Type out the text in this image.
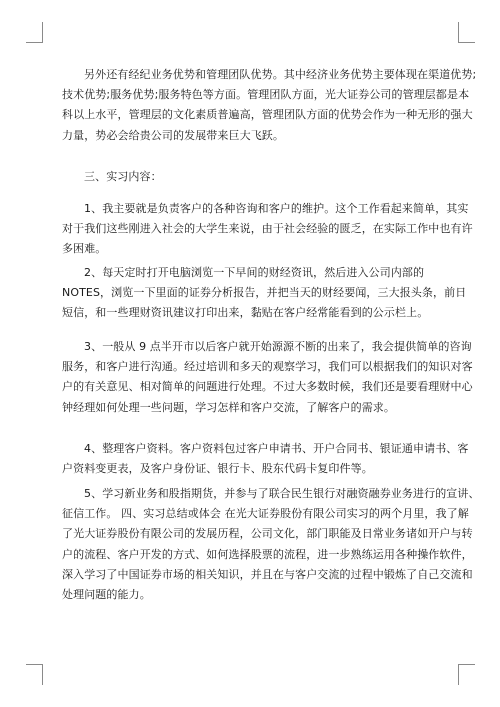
另外还有经纪业务优势和管理团队优势。其中经济业务优势主要体现在渠道优势;
技术优势;服务优势;服务特色等方面。管理团队方面，光大证券公司的管理层都是本
科以上水平，管理层的文化素质普遍高，管理团队方面的优势会作为一种无形的强大
力量，势必会给贵公司的发展带来巨大飞跃。

三、实习内容：

1、我主要就是负责客户的各种咨询和客户的维护。这个工作看起来简单，其实
对于我们这些刚进入社会的大学生来说，由于社会经验的匮乏，在实际工作中也有许
多困难。

2、每天定时打开电脑浏览一下早间的财经资讯，然后进入公司内部的
NOTES，浏览一下里面的证券分析报告，并把当天的财经要闻，三大报头条，前日
短信，和一些理财资讯建议打印出来，黏贴在客户经常能看到的公示栏上。

3、一般从 9 点半开市以后客户就开始源源不断的出来了，我会提供简单的咨询
服务，和客户进行沟通。经过培训和多天的观察学习，我们可以根据我们的知识对客
户的有关意见、相对简单的问题进行处理。不过大多数时候，我们还是要看理财中心
钟经理如何处理一些问题，学习怎样和客户交流，了解客户的需求。

4、整理客户资料。客户资料包过客户申请书、开户合同书、银证通申请书、客
户资料变更表，及客户身份证、银行卡、股东代码卡复印件等。

5、学习新业务和股指期货，并参与了联合民生银行对融资融券业务进行的宣讲、
征信工作。 四、实习总结或体会 在光大证券股份有限公司实习的两个月里，我了解
了光大证券股份有限公司的发展历程，公司文化，部门职能及日常业务诸如开户与转
户的流程、客户开发的方式、如何选择股票的流程，进一步熟练运用各种操作软件，
深入学习了中国证券市场的相关知识，并且在与客户交流的过程中锻炼了自己交流和
处理问题的能力。
